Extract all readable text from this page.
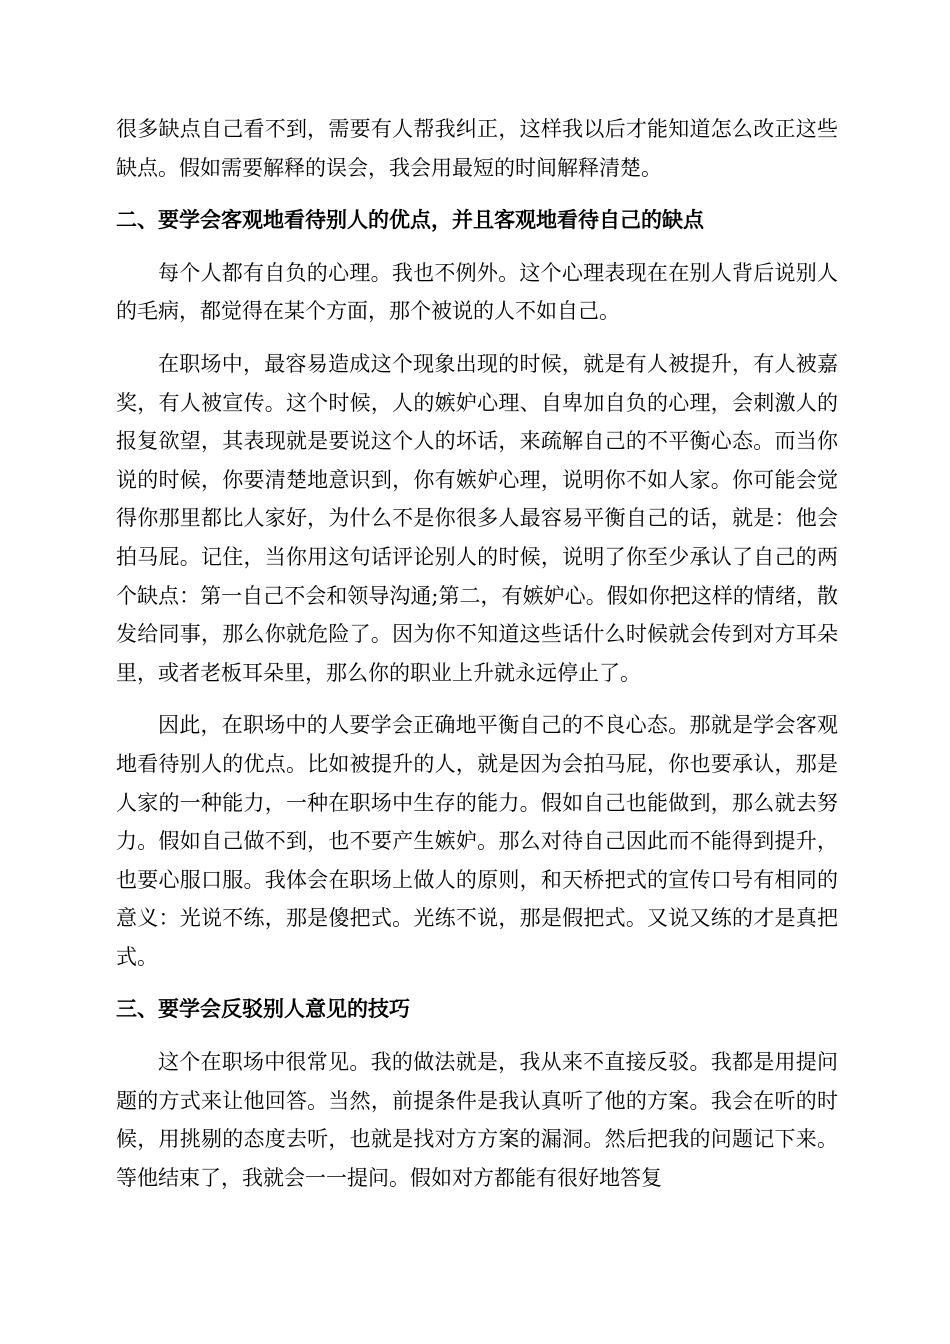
很多缺点自己看不到，需要有人帮我纠正，这样我以后才能知道怎么改正这些缺点。假如需要解释的误会，我会用最短的时间解释清楚。

二、要学会客观地看待别人的优点，并且客观地看待自己的缺点

每个人都有自负的心理。我也不例外。这个心理表现在在别人背后说别人的毛病，都觉得在某个方面，那个被说的人不如自己。

在职场中，最容易造成这个现象出现的时候，就是有人被提升，有人被嘉奖，有人被宣传。这个时候，人的嫉妒心理、自卑加自负的心理，会刺激人的报复欲望，其表现就是要说这个人的坏话，来疏解自己的不平衡心态。而当你说的时候，你要清楚地意识到，你有嫉妒心理，说明你不如人家。你可能会觉得你那里都比人家好，为什么不是你很多人最容易平衡自己的话，就是：他会拍马屁。记住，当你用这句话评论别人的时候，说明了你至少承认了自己的两个缺点：第一自己不会和领导沟通;第二，有嫉妒心。假如你把这样的情绪，散发给同事，那么你就危险了。因为你不知道这些话什么时候就会传到对方耳朵里，或者老板耳朵里，那么你的职业上升就永远停止了。

因此，在职场中的人要学会正确地平衡自己的不良心态。那就是学会客观地看待别人的优点。比如被提升的人，就是因为会拍马屁，你也要承认，那是人家的一种能力，一种在职场中生存的能力。假如自己也能做到，那么就去努力。假如自己做不到，也不要产生嫉妒。那么对待自己因此而不能得到提升，也要心服口服。我体会在职场上做人的原则，和天桥把式的宣传口号有相同的意义：光说不练，那是傻把式。光练不说，那是假把式。又说又练的才是真把式。

三、要学会反驳别人意见的技巧

这个在职场中很常见。我的做法就是，我从来不直接反驳。我都是用提问题的方式来让他回答。当然，前提条件是我认真听了他的方案。我会在听的时候，用挑剔的态度去听，也就是找对方方案的漏洞。然后把我的问题记下来。等他结束了，我就会一一提问。假如对方都能有很好地答复
